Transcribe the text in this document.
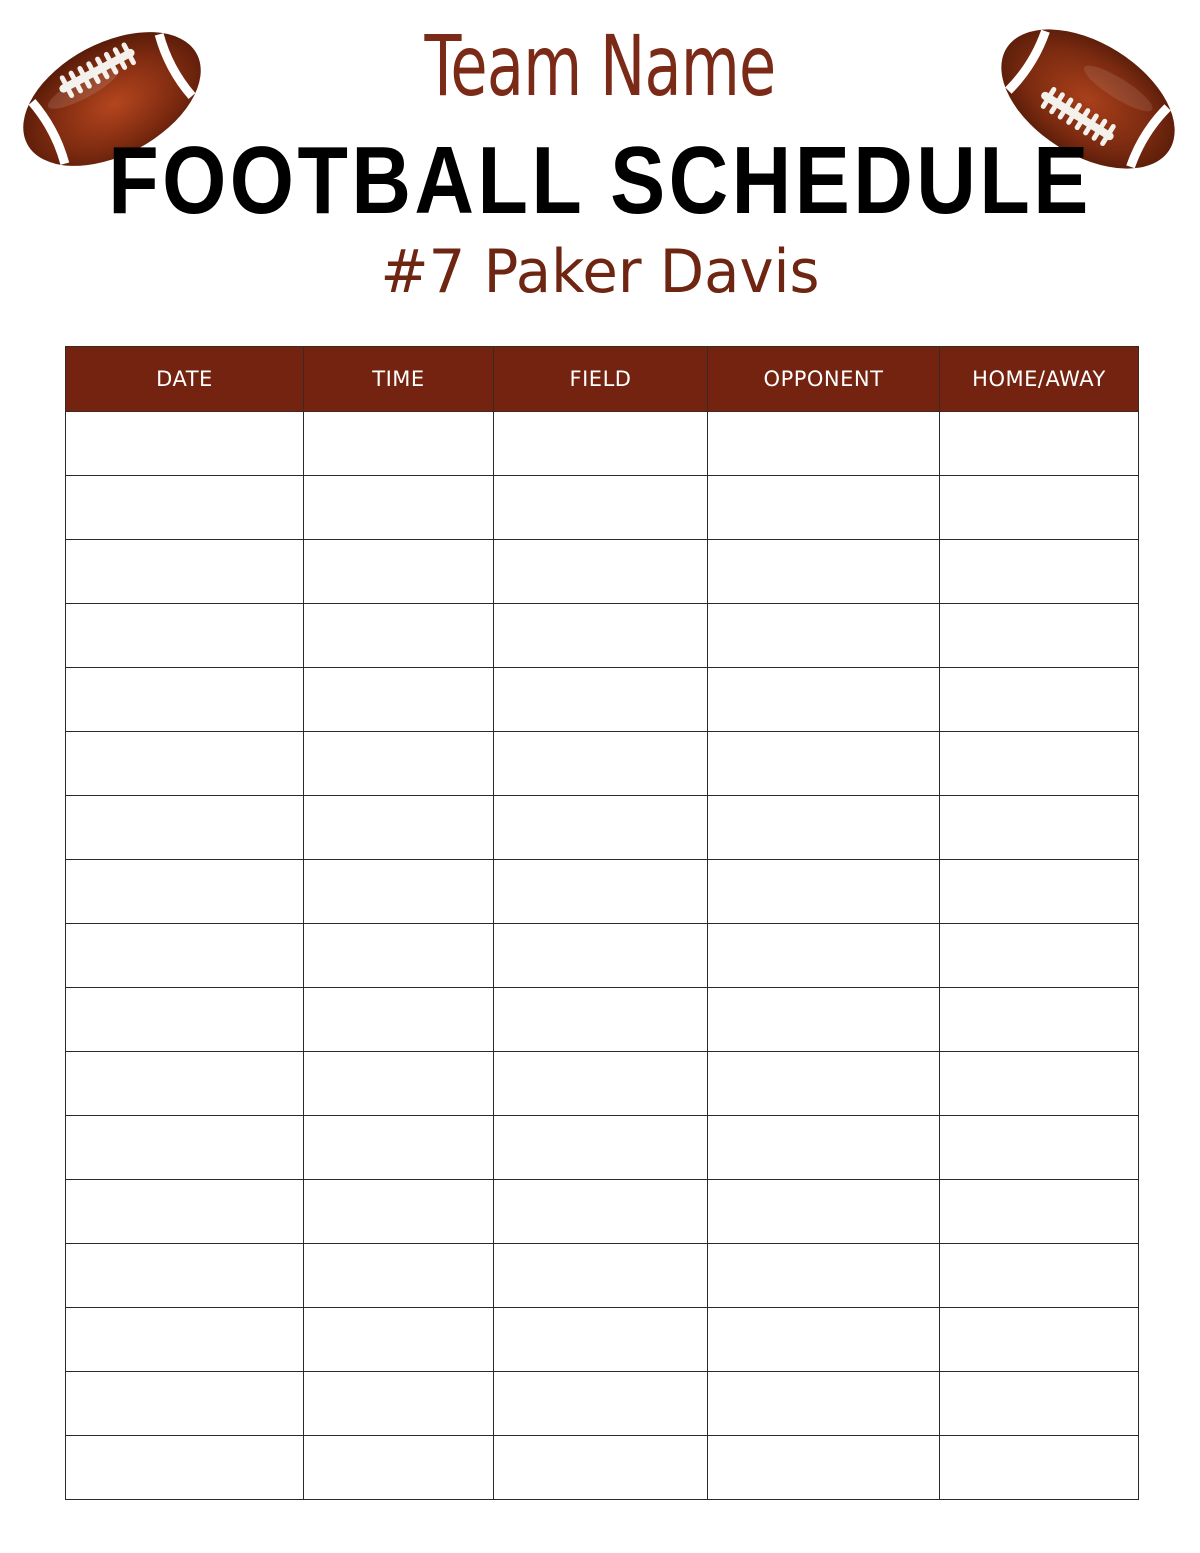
Team Name
FOOTBALL SCHEDULE
#7 Paker Davis
DATE	TIME	FIELD	OPPONENT	HOME/AWAY
